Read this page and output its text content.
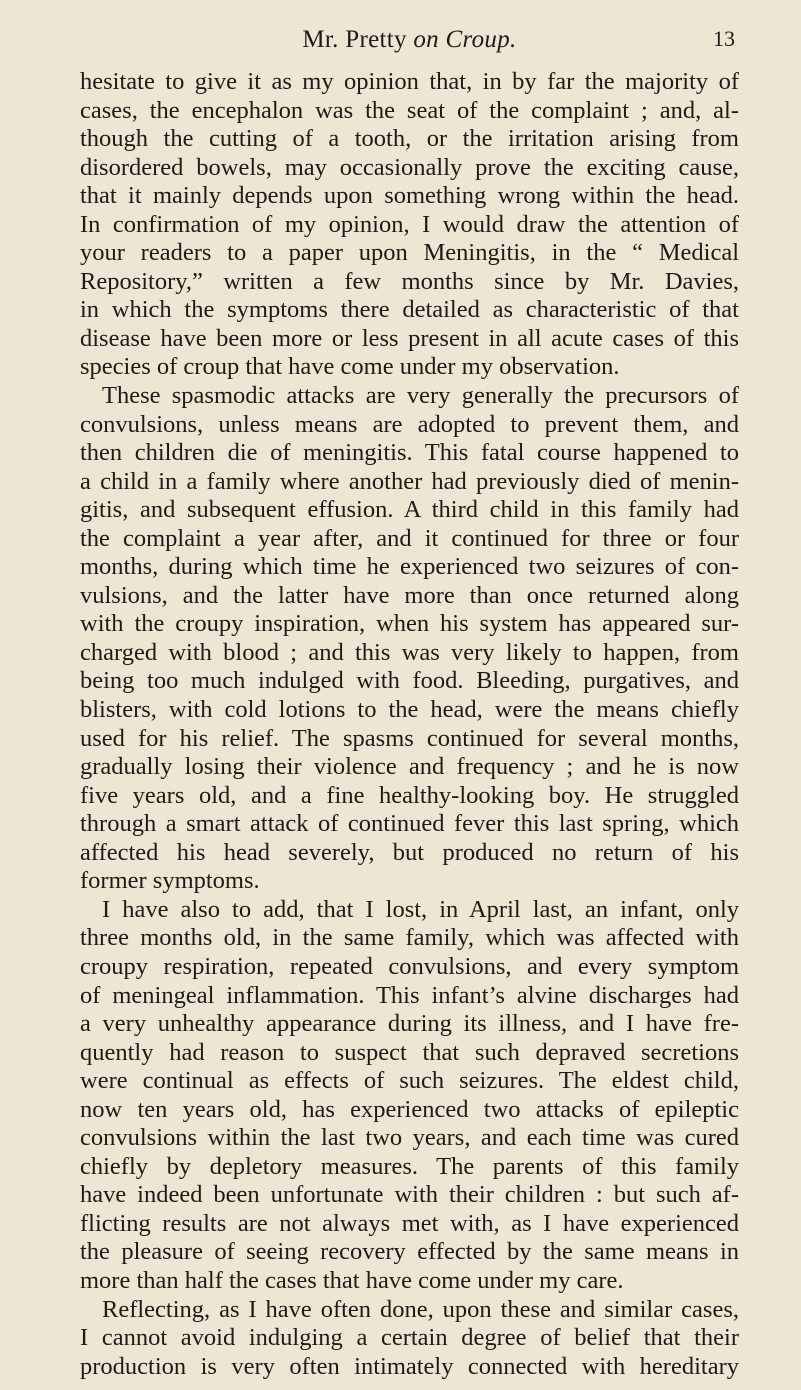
Mr. Pretty on Croup.	13
hesitate to give it as my opinion that, in by far the majority of
cases, the encephalon was the seat of the complaint ; and, al-
though the cutting of a tooth, or the irritation arising from
disordered bowels, may occasionally prove the exciting cause,
that it mainly depends upon something wrong within the head.
In confirmation of my opinion, I would draw the attention of
your readers to a paper upon Meningitis, in the “ Medical
Repository,” written a few months since by Mr. Davies,
in which the symptoms there detailed as characteristic of that
disease have been more or less present in all acute cases of this
species of croup that have come under my observation.
These spasmodic attacks are very generally the precursors of
convulsions, unless means are adopted to prevent them, and
then children die of meningitis. This fatal course happened to
a child in a family where another had previously died of menin-
gitis, and subsequent effusion. A third child in this family had
the complaint a year after, and it continued for three or four
months, during which time he experienced two seizures of con-
vulsions, and the latter have more than once returned along
with the croupy inspiration, when his system has appeared sur-
charged with blood ; and this was very likely to happen, from
being too much indulged with food. Bleeding, purgatives, and
blisters, with cold lotions to the head, were the means chiefly
used for his relief. The spasms continued for several months,
gradually losing their violence and frequency ; and he is now
five years old, and a fine healthy-looking boy. He struggled
through a smart attack of continued fever this last spring, which
affected his head severely, but produced no return of his
former symptoms.
I have also to add, that I lost, in April last, an infant, only
three months old, in the same family, which was affected with
croupy respiration, repeated convulsions, and every symptom
of meningeal inflammation. This infant’s alvine discharges had
a very unhealthy appearance during its illness, and I have fre-
quently had reason to suspect that such depraved secretions
were continual as effects of such seizures. The eldest child,
now ten years old, has experienced two attacks of epileptic
convulsions within the last two years, and each time was cured
chiefly by depletory measures. The parents of this family
have indeed been unfortunate with their children : but such af-
flicting results are not always met with, as I have experienced
the pleasure of seeing recovery effected by the same means in
more than half the cases that have come under my care.
Reflecting, as I have often done, upon these and similar cases,
I cannot avoid indulging a certain degree of belief that their
production is very often intimately connected with hereditary
